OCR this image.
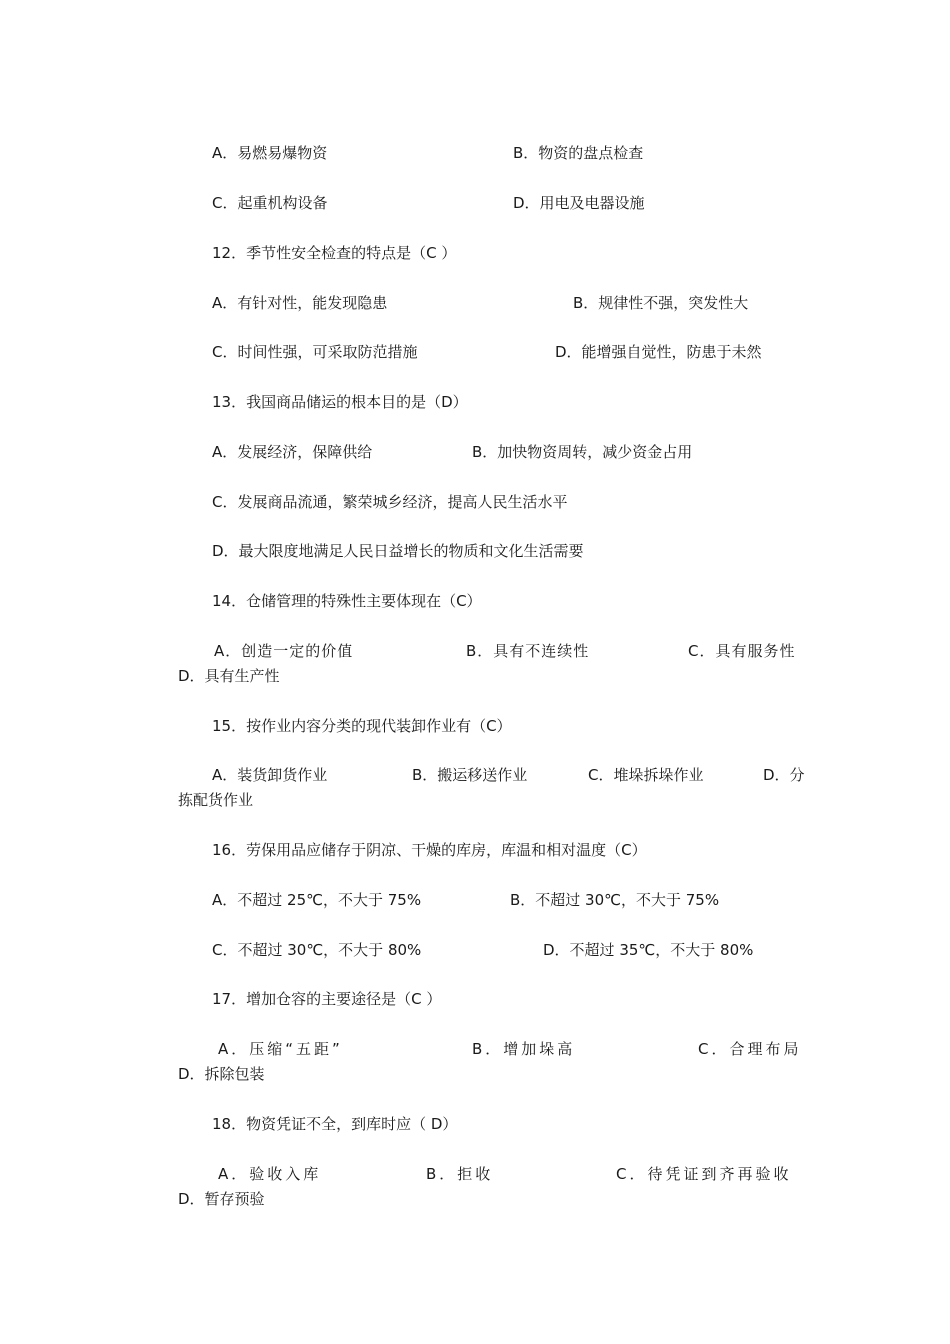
A．易燃易爆物资	B．物资的盘点检查
C．起重机构设备	D．用电及电器设施
12．季节性安全检查的特点是（C ）
A．有针对性，能发现隐患	B．规律性不强，突发性大
C．时间性强，可采取防范措施	D．能增强自觉性，防患于未然
13．我国商品储运的根本目的是（D）
A．发展经济，保障供给	B．加快物资周转，减少资金占用
C．发展商品流通，繁荣城乡经济，提高人民生活水平
D．最大限度地满足人民日益增长的物质和文化生活需要
14．仓储管理的特殊性主要体现在（C）
A．创造一定的价值	B．具有不连续性	C．具有服务性
D．具有生产性
15．按作业内容分类的现代装卸作业有（C）
A．装货卸货作业	B．搬运移送作业	C．堆垛拆垛作业	D．分
拣配货作业
16．劳保用品应储存于阴凉、干燥的库房，库温和相对温度（C）
A．不超过 25℃，不大于 75%	B．不超过 30℃，不大于 75%
C．不超过 30℃，不大于 80%	D．不超过 35℃，不大于 80%
17．增加仓容的主要途径是（C ）
A．压缩“五距”	B．增加垛高	C．合理布局
D．拆除包装
18．物资凭证不全，到库时应（ D）
A．验收入库	B．拒收	C．待凭证到齐再验收
D．暂存预验
